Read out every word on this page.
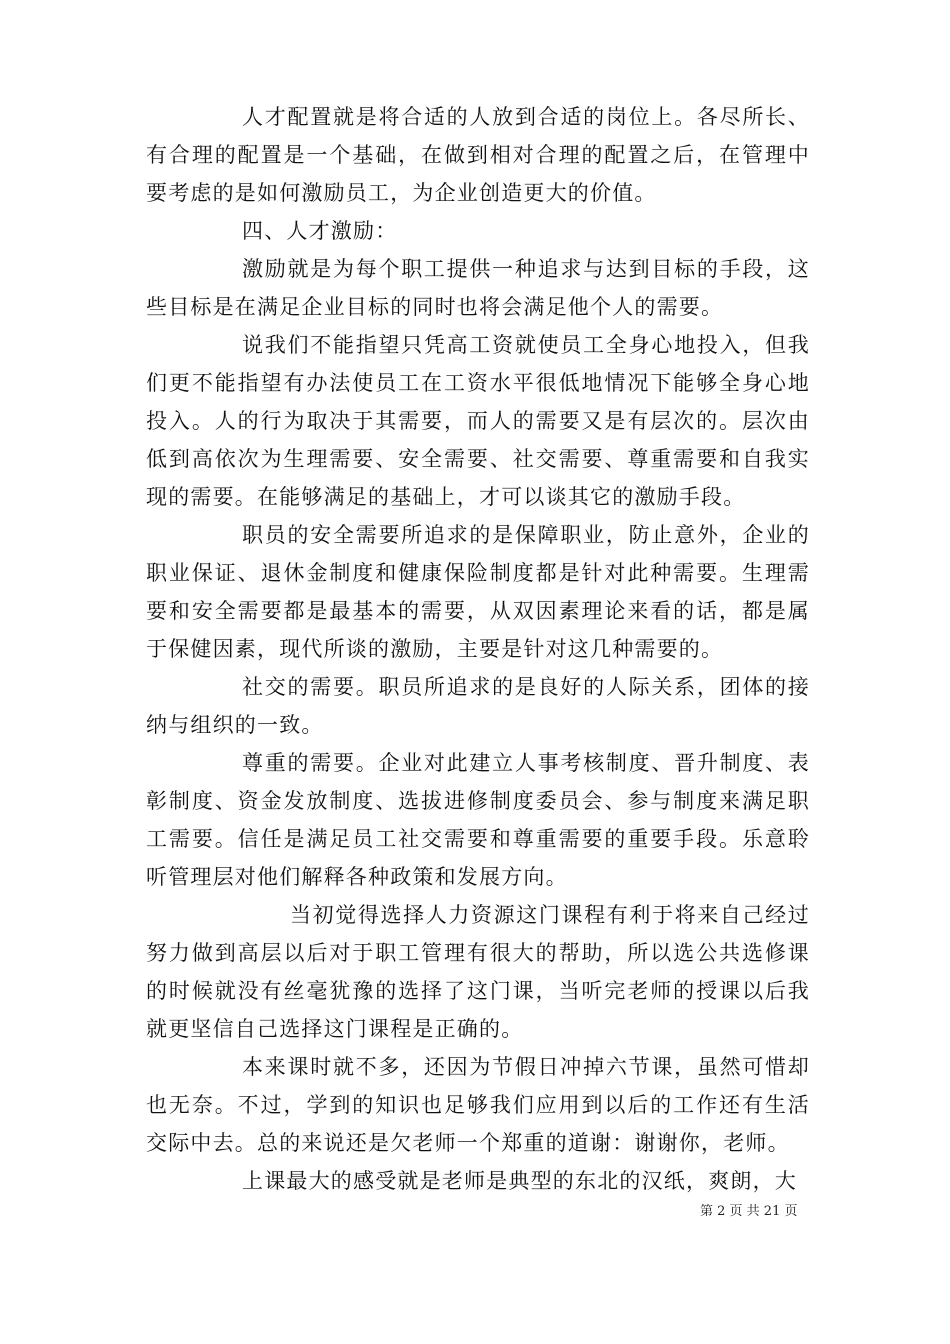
人才配置就是将合适的人放到合适的岗位上。各尽所长、有合理的配置是一个基础，在做到相对合理的配置之后，在管理中要考虑的是如何激励员工，为企业创造更大的价值。

四、人才激励：

激励就是为每个职工提供一种追求与达到目标的手段，这些目标是在满足企业目标的同时也将会满足他个人的需要。

说我们不能指望只凭高工资就使员工全身心地投入，但我们更不能指望有办法使员工在工资水平很低地情况下能够全身心地投入。人的行为取决于其需要，而人的需要又是有层次的。层次由低到高依次为生理需要、安全需要、社交需要、尊重需要和自我实现的需要。在能够满足的基础上，才可以谈其它的激励手段。

职员的安全需要所追求的是保障职业，防止意外，企业的职业保证、退休金制度和健康保险制度都是针对此种需要。生理需要和安全需要都是最基本的需要，从双因素理论来看的话，都是属于保健因素，现代所谈的激励，主要是针对这几种需要的。

社交的需要。职员所追求的是良好的人际关系，团体的接纳与组织的一致。

尊重的需要。企业对此建立人事考核制度、晋升制度、表彰制度、资金发放制度、选拔进修制度委员会、参与制度来满足职工需要。信任是满足员工社交需要和尊重需要的重要手段。乐意聆听管理层对他们解释各种政策和发展方向。

当初觉得选择人力资源这门课程有利于将来自己经过努力做到高层以后对于职工管理有很大的帮助，所以选公共选修课的时候就没有丝毫犹豫的选择了这门课，当听完老师的授课以后我就更坚信自己选择这门课程是正确的。

本来课时就不多，还因为节假日冲掉六节课，虽然可惜却也无奈。不过，学到的知识也足够我们应用到以后的工作还有生活交际中去。总的来说还是欠老师一个郑重的道谢：谢谢你，老师。

上课最大的感受就是老师是典型的东北的汉纸，爽朗，大

第 2 页 共 21 页
